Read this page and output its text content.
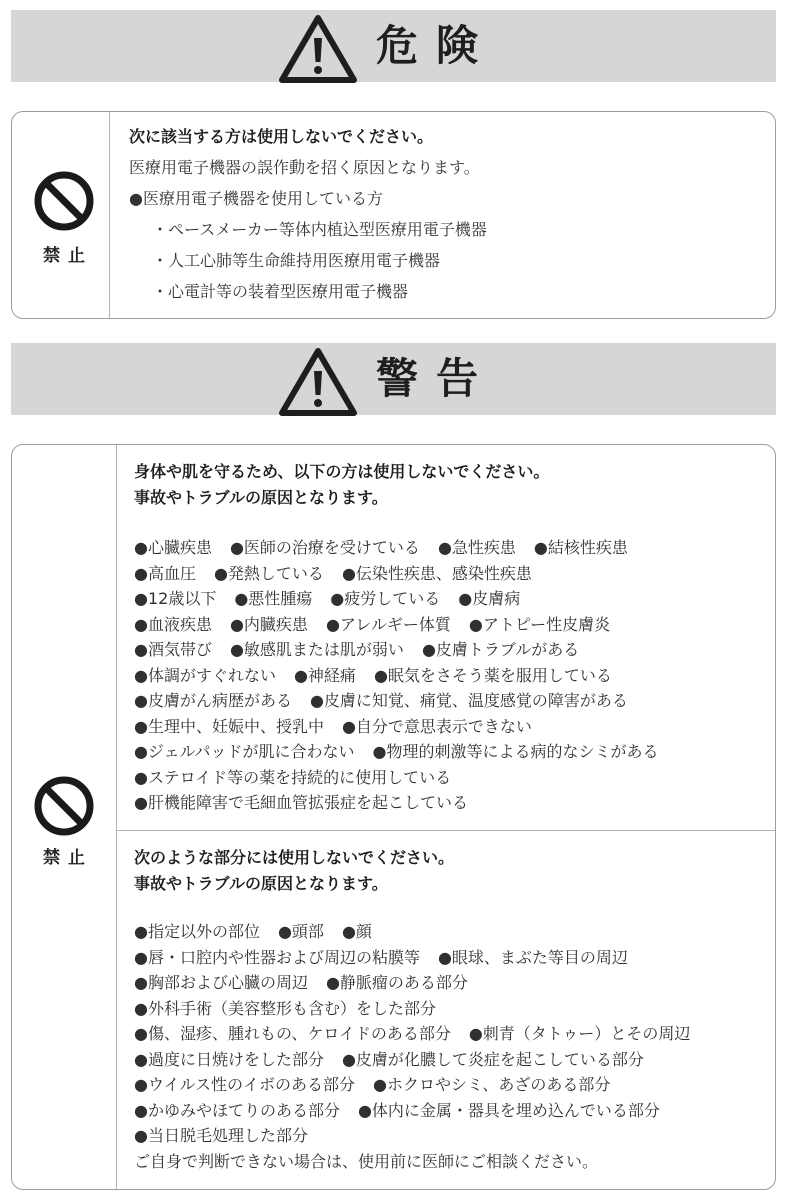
危険
禁止
次に該当する方は使用しないでください。
医療用電子機器の誤作動を招く原因となります。
●医療用電子機器を使用している方
・ペースメーカー等体内植込型医療用電子機器
・人工心肺等生命維持用医療用電子機器
・心電計等の装着型医療用電子機器
警告
禁止
身体や肌を守るため、以下の方は使用しないでください。
事故やトラブルの原因となります。
●心臓疾患 ●医師の治療を受けている ●急性疾患 ●結核性疾患
●高血圧 ●発熱している ●伝染性疾患、感染性疾患
●12歳以下 ●悪性腫瘍 ●疲労している ●皮膚病
●血液疾患 ●内臓疾患 ●アレルギー体質 ●アトピー性皮膚炎
●酒気帯び ●敏感肌または肌が弱い ●皮膚トラブルがある
●体調がすぐれない ●神経痛 ●眠気をさそう薬を服用している
●皮膚がん病歴がある ●皮膚に知覚、痛覚、温度感覚の障害がある
●生理中、妊娠中、授乳中 ●自分で意思表示できない
●ジェルパッドが肌に合わない ●物理的刺激等による病的なシミがある
●ステロイド等の薬を持続的に使用している
●肝機能障害で毛細血管拡張症を起こしている
次のような部分には使用しないでください。
事故やトラブルの原因となります。
●指定以外の部位 ●頭部 ●顔
●唇・口腔内や性器および周辺の粘膜等 ●眼球、まぶた等目の周辺
●胸部および心臓の周辺 ●静脈瘤のある部分
●外科手術（美容整形も含む）をした部分
●傷、湿疹、腫れもの、ケロイドのある部分 ●刺青（タトゥー）とその周辺
●過度に日焼けをした部分 ●皮膚が化膿して炎症を起こしている部分
●ウイルス性のイボのある部分 ●ホクロやシミ、あざのある部分
●かゆみやほてりのある部分 ●体内に金属・器具を埋め込んでいる部分
●当日脱毛処理した部分
ご自身で判断できない場合は、使用前に医師にご相談ください。
